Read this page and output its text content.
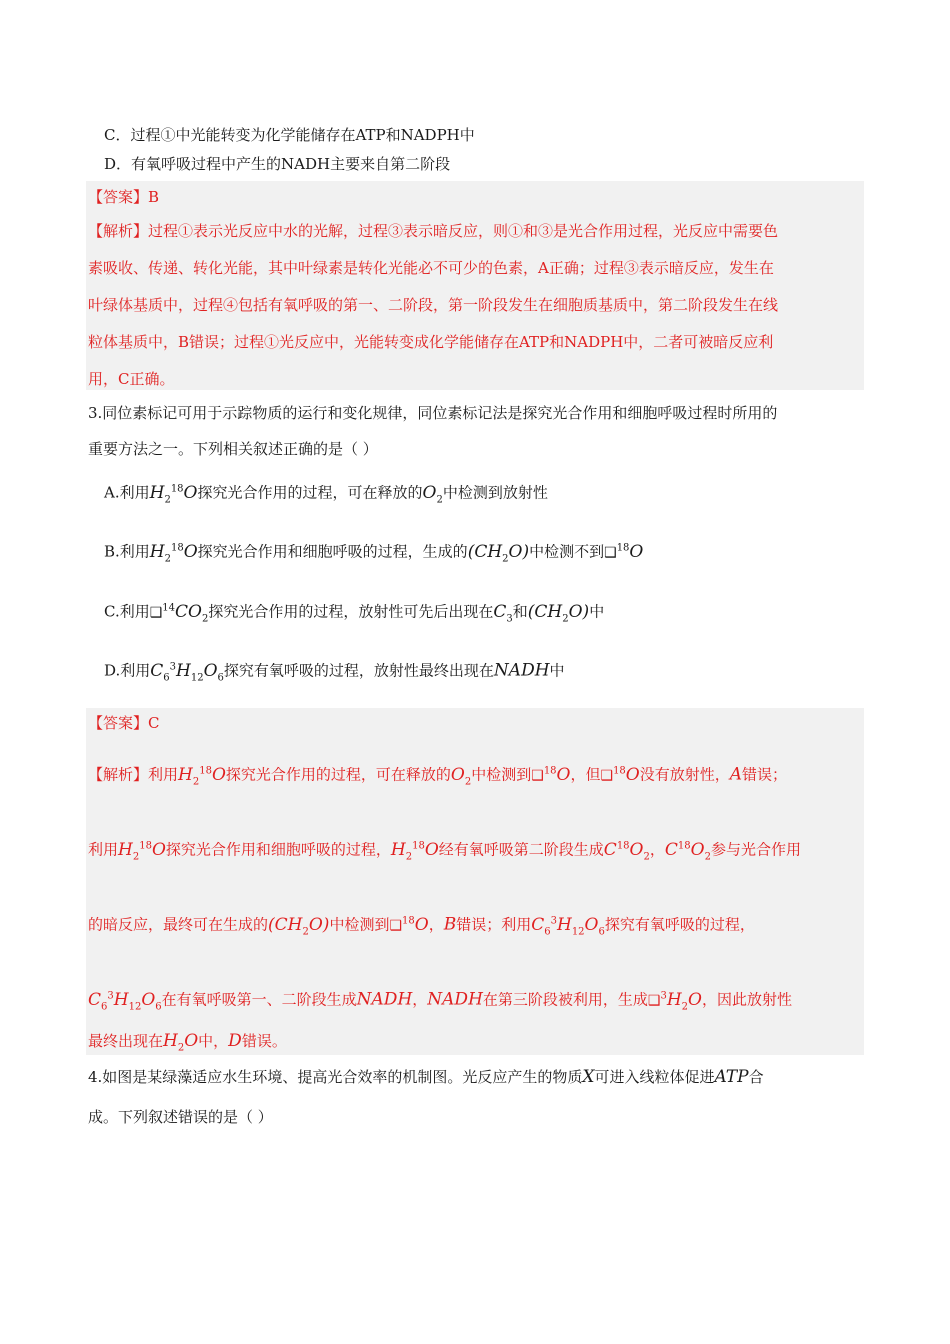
C．过程①中光能转变为化学能储存在ATP和NADPH中
D．有氧呼吸过程中产生的NADH主要来自第二阶段
【答案】B
【解析】过程①表示光反应中水的光解，过程③表示暗反应，则①和③是光合作用过程，光反应中需要色
素吸收、传递、转化光能，其中叶绿素是转化光能必不可少的色素，A正确；过程③表示暗反应，发生在
叶绿体基质中，过程④包括有氧呼吸的第一、二阶段，第一阶段发生在细胞质基质中，第二阶段发生在线
粒体基质中，B错误；过程①光反应中，光能转变成化学能储存在ATP和NADPH中，二者可被暗反应利
用，C正确。
3.同位素标记可用于示踪物质的运行和变化规律，同位素标记法是探究光合作用和细胞呼吸过程时所用的
重要方法之一。下列相关叙述正确的是（ ）
A.利用$H_2^{18}O$探究光合作用的过程，可在释放的$O_2$中检测到放射性
B.利用$H_2^{18}O$探究光合作用和细胞呼吸的过程，生成的$(CH_2O)$中检测不到❑$^{18}$O
C.利用$❑^{14}CO_2$探究光合作用的过程，放射性可先后出现在$C_3$和$(CH_2O)$中
D.利用$C_6^3H_{12}O_6$探究有氧呼吸的过程，放射性最终出现在NADH中
【答案】C
【解析】利用$H_2^{18}O$探究光合作用的过程，可在释放的$O_2$中检测到❑$^{18}$O，但❑$^{18}$O没有放射性，A错误；
利用$H_2^{18}O$探究光合作用和细胞呼吸的过程，$H_2^{18}O$经有氧呼吸第二阶段生成$C^{18}O_2$，$C^{18}O_2$参与光合作用
的暗反应，最终可在生成的$(CH_2O)$中检测到❑$^{18}$O，B错误；利用$C_6^3H_{12}O_6$探究有氧呼吸的过程，
$C_6^3H_{12}O_6$在有氧呼吸第一、二阶段生成NADH，NADH在第三阶段被利用，生成$❑^3H_2O$，因此放射性
最终出现在$H_2O$中，D错误。
4.如图是某绿藻适应水生环境、提高光合效率的机制图。光反应产生的物质X可进入线粒体促进ATP合
成。下列叙述错误的是（ ）
